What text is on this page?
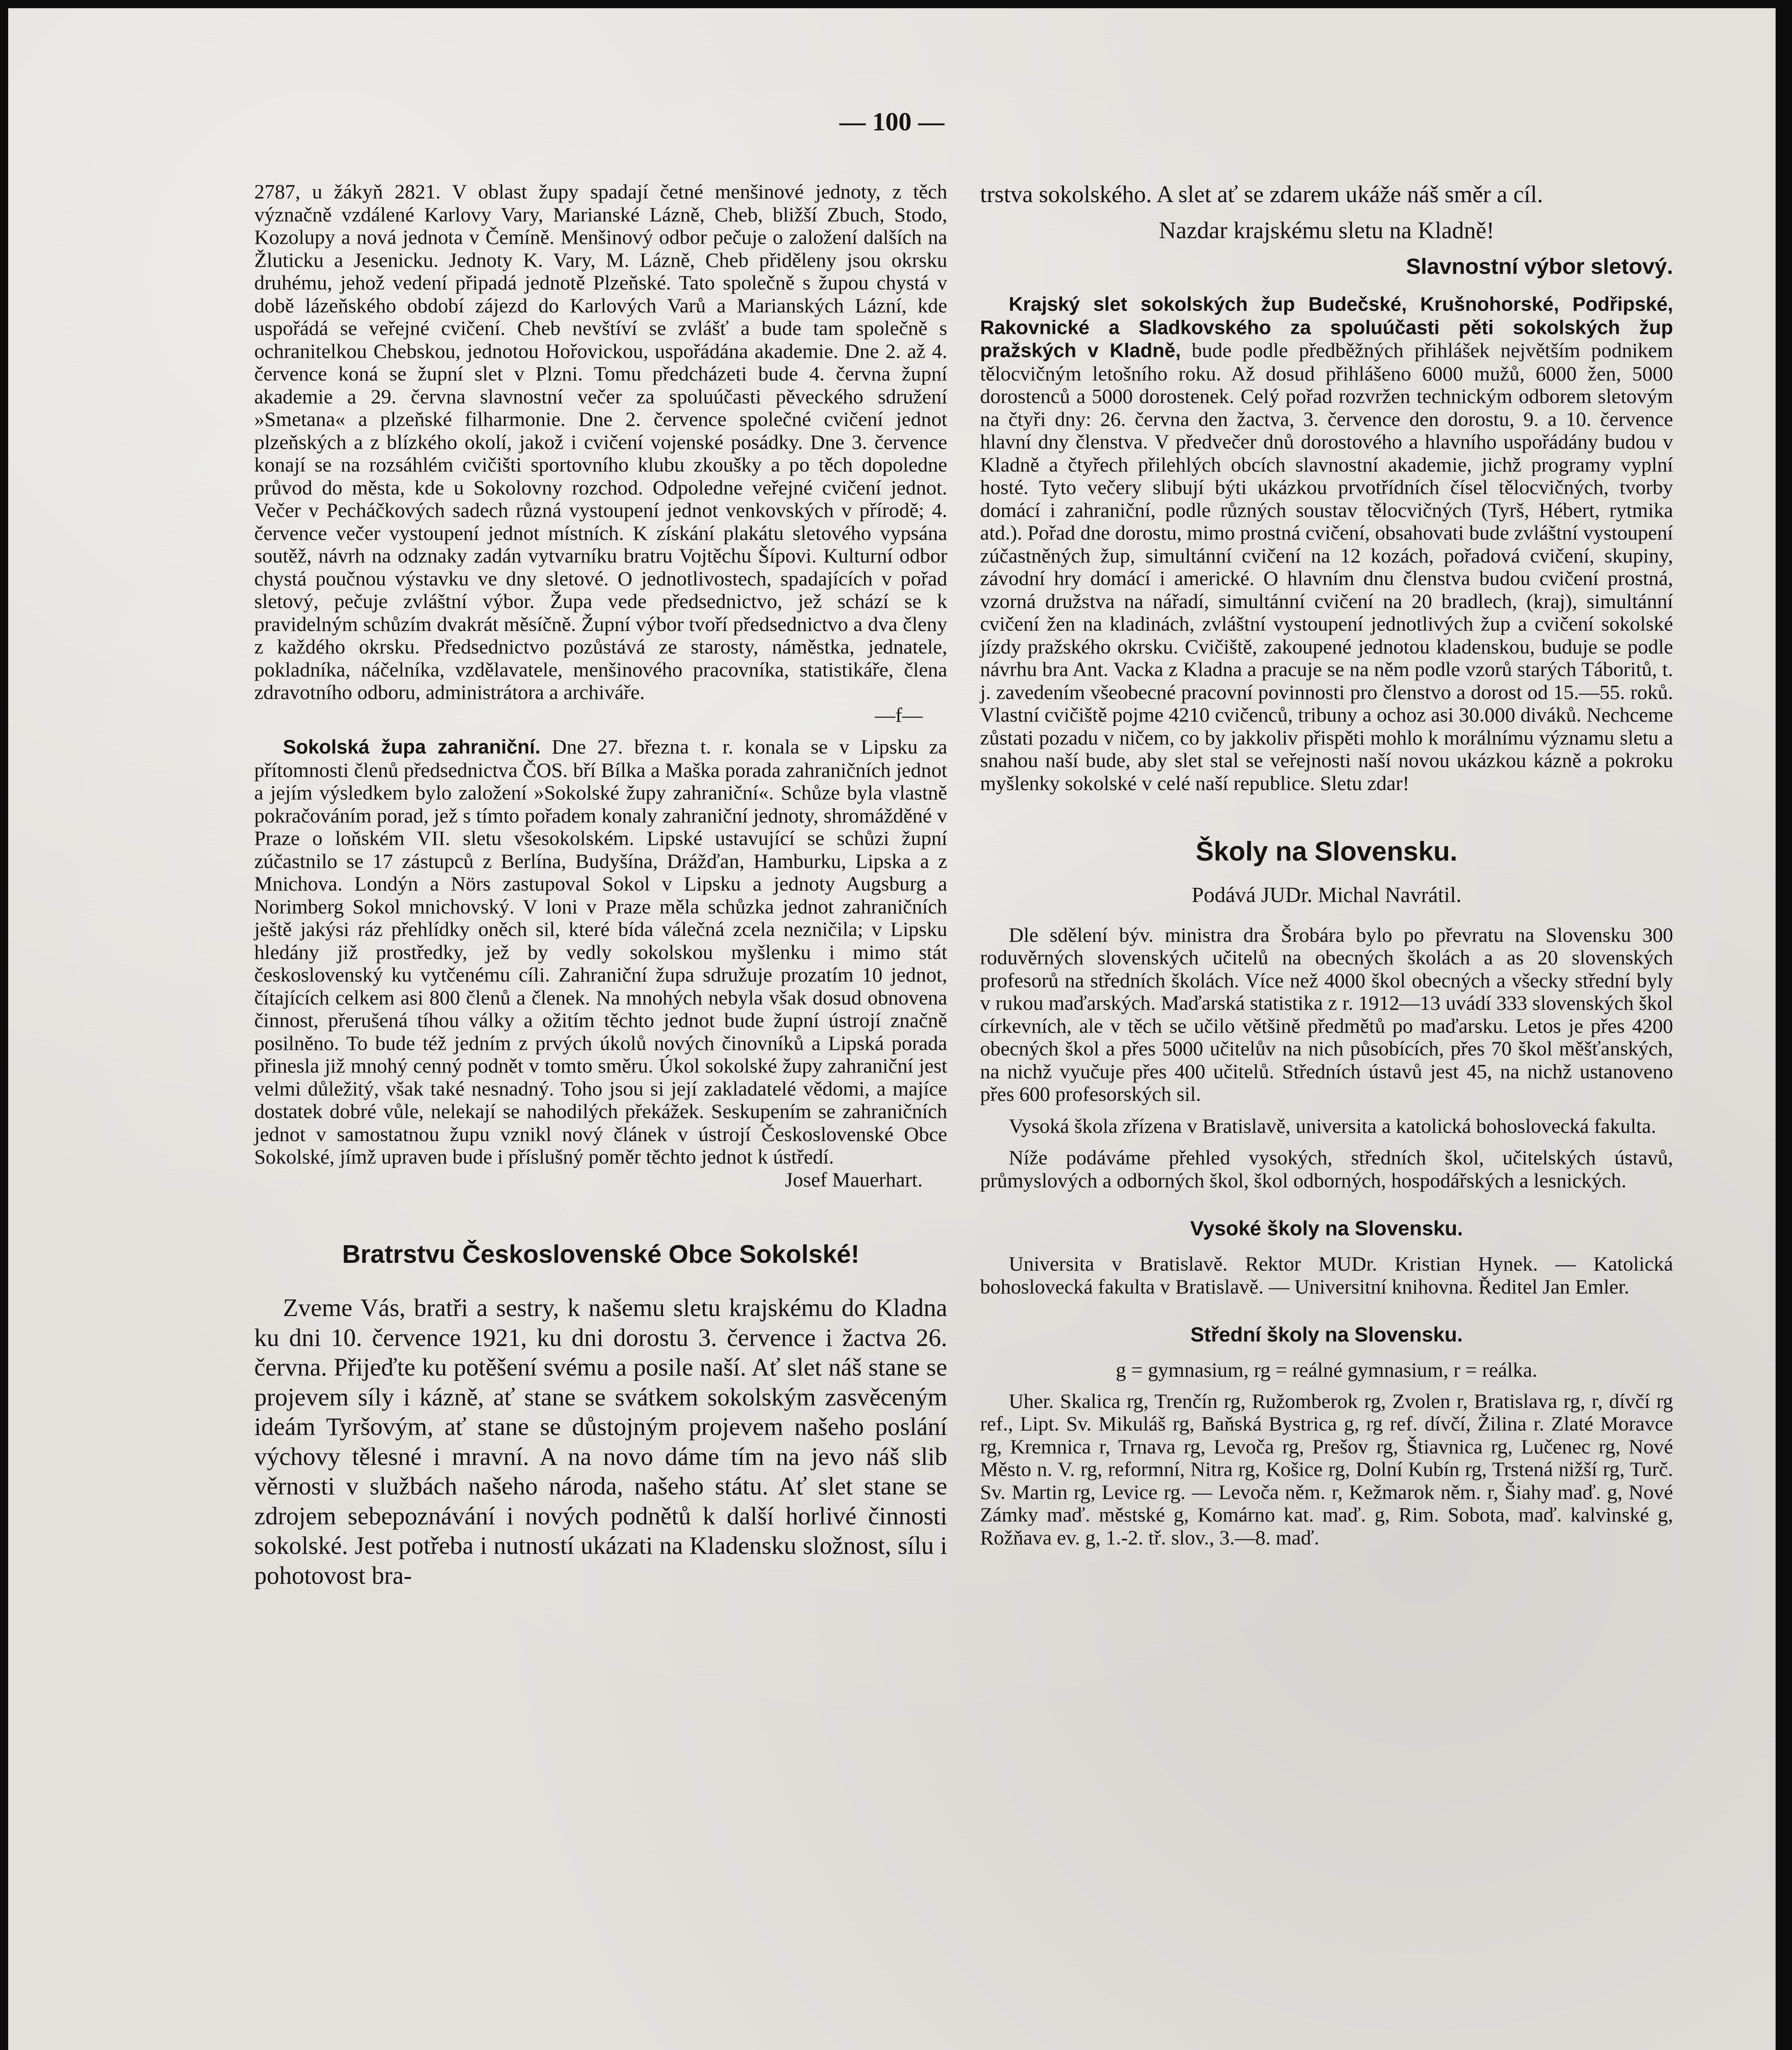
— 100 —

2787, u žákyň 2821. V oblast župy spadají četné menšinové jednoty, z těch význačně vzdálené Karlovy Vary, Marianské Lázně, Cheb, bližší Zbuch, Stodo, Kozolupy a nová jednota v Čemíně. Menšinový odbor pečuje o založení dalších na Žluticku a Jesenicku. Jednoty K. Vary, M. Lázně, Cheb přiděleny jsou okrsku druhému, jehož vedení připadá jednotě Plzeňské. Tato společně s župou chystá v době lázeňského období zájezd do Karlových Varů a Marianských Lázní, kde uspořádá se veřejné cvičení. Cheb nevštíví se zvlášť a bude tam společně s ochranitelkou Chebskou, jednotou Hořovickou, uspořádána akademie. Dne 2. až 4. července koná se župní slet v Plzni. Tomu předcházeti bude 4. června župní akademie a 29. června slavnostní večer za spoluúčasti pěveckého sdružení »Smetana« a plzeňské filharmonie. Dne 2. července společné cvičení jednot plzeňských a z blízkého okolí, jakož i cvičení vojenské posádky. Dne 3. července konají se na rozsáhlém cvičišti sportovního klubu zkoušky a po těch dopoledne průvod do města, kde u Sokolovny rozchod. Odpoledne veřejné cvičení jednot. Večer v Pecháčkových sadech různá vystoupení jednot venkovských v přírodě; 4. července večer vystoupení jednot místních. K získání plakátu sletového vypsána soutěž, návrh na odznaky zadán vytvarníku bratru Vojtěchu Šípovi. Kulturní odbor chystá poučnou výstavku ve dny sletové. O jednotlivostech, spadajících v pořad sletový, pečuje zvláštní výbor. Župa vede předsednictvo, jež schází se k pravidelným schůzím dvakrát měsíčně. Župní výbor tvoří předsednictvo a dva členy z každého okrsku. Předsednictvo pozůstává ze starosty, náměstka, jednatele, pokladníka, náčelníka, vzdělavatele, menšinového pracovníka, statistikáře, člena zdravotního odboru, administrátora a archiváře.

—f—

Sokolská župa zahraniční. Dne 27. března t. r. konala se v Lipsku za přítomnosti členů předsednictva ČOS. bří Bílka a Maška porada zahraničních jednot a jejím výsledkem bylo založení »Sokolské župy zahraniční«. Schůze byla vlastně pokračováním porad, jež s tímto pořadem konaly zahraniční jednoty, shromážděné v Praze o loňském VII. sletu všesokolském. Lipské ustavující se schůzi župní zúčastnilo se 17 zástupců z Berlína, Budyšína, Drážďan, Hamburku, Lipska a z Mnichova. Londýn a Nörs zastupoval Sokol v Lipsku a jednoty Augsburg a Norimberg Sokol mnichovský. V loni v Praze měla schůzka jednot zahraničních ještě jakýsi ráz přehlídky oněch sil, které bída válečná zcela nezničila; v Lipsku hledány již prostředky, jež by vedly sokolskou myšlenku i mimo stát československý ku vytčenému cíli. Zahraniční župa sdružuje prozatím 10 jednot, čítajících celkem asi 800 členů a členek. Na mnohých nebyla však dosud obnovena činnost, přerušená tíhou války a ožitím těchto jednot bude župní ústrojí značně posilněno. To bude též jedním z prvých úkolů nových činovníků a Lipská porada přinesla již mnohý cenný podnět v tomto směru. Úkol sokolské župy zahraniční jest velmi důležitý, však také nesnadný. Toho jsou si její zakladatelé vědomi, a majíce dostatek dobré vůle, nelekají se nahodilých překážek. Seskupením se zahraničních jednot v samostatnou župu vznikl nový článek v ústrojí Československé Obce Sokolské, jímž upraven bude i příslušný poměr těchto jednot k ústředí.

Josef Mauerhart.

Bratrstvu Československé Obce Sokolské!

Zveme Vás, bratři a sestry, k našemu sletu krajskému do Kladna ku dni 10. července 1921, ku dni dorostu 3. července i žactva 26. června. Přijeďte ku potěšení svému a posile naší. Ať slet náš stane se projevem síly i kázně, ať stane se svátkem sokolským zasvěceným ideám Tyršovým, ať stane se důstojným projevem našeho poslání výchovy tělesné i mravní. A na novo dáme tím na jevo náš slib věrnosti v službách našeho národa, našeho státu. Ať slet stane se zdrojem sebepoznávání i nových podnětů k další horlivé činnosti sokolské. Jest potřeba i nutností ukázati na Kladensku složnost, sílu i pohotovost bra-

trstva sokolského. A slet ať se zdarem ukáže náš směr a cíl.

Nazdar krajskému sletu na Kladně!

Slavnostní výbor sletový.

Krajský slet sokolských žup Budečské, Krušnohorské, Podřipské, Rakovnické a Sladkovského za spoluúčasti pěti sokolských žup pražských v Kladně, bude podle předběžných přihlášek největším podnikem tělocvičným letošního roku. Až dosud přihlášeno 6000 mužů, 6000 žen, 5000 dorostenců a 5000 dorostenek. Celý pořad rozvržen technickým odborem sletovým na čtyři dny: 26. června den žactva, 3. července den dorostu, 9. a 10. července hlavní dny členstva. V předvečer dnů dorostového a hlavního uspořádány budou v Kladně a čtyřech přilehlých obcích slavnostní akademie, jichž programy vyplní hosté. Tyto večery slibují býti ukázkou prvotřídních čísel tělocvičných, tvorby domácí i zahraniční, podle různých soustav tělocvičných (Tyrš, Hébert, rytmika atd.). Pořad dne dorostu, mimo prostná cvičení, obsahovati bude zvláštní vystoupení zúčastněných žup, simultánní cvičení na 12 kozách, pořadová cvičení, skupiny, závodní hry domácí i americké. O hlavním dnu členstva budou cvičení prostná, vzorná družstva na nářadí, simultánní cvičení na 20 bradlech, (kraj), simultánní cvičení žen na kladinách, zvláštní vystoupení jednotlivých žup a cvičení sokolské jízdy pražského okrsku. Cvičiště, zakoupené jednotou kladenskou, buduje se podle návrhu bra Ant. Vacka z Kladna a pracuje se na něm podle vzorů starých Táboritů, t. j. zavedením všeobecné pracovní povinnosti pro členstvo a dorost od 15.—55. roků. Vlastní cvičiště pojme 4210 cvičenců, tribuny a ochoz asi 30.000 diváků. Nechceme zůstati pozadu v ničem, co by jakkoliv přispěti mohlo k morálnímu významu sletu a snahou naší bude, aby slet stal se veřejnosti naší novou ukázkou kázně a pokroku myšlenky sokolské v celé naší republice. Sletu zdar!

Školy na Slovensku.

Podává JUDr. Michal Navrátil.

Dle sdělení býv. ministra dra Šrobára bylo po převratu na Slovensku 300 roduvěrných slovenských učitelů na obecných školách a as 20 slovenských profesorů na středních školách. Více než 4000 škol obecných a všecky střední byly v rukou maďarských. Maďarská statistika z r. 1912—13 uvádí 333 slovenských škol církevních, ale v těch se učilo většině předmětů po maďarsku. Letos je přes 4200 obecných škol a přes 5000 učitelův na nich působících, přes 70 škol měšťanských, na nichž vyučuje přes 400 učitelů. Středních ústavů jest 45, na nichž ustanoveno přes 600 profesorských sil.

Vysoká škola zřízena v Bratislavě, universita a katolická bohoslovecká fakulta.

Níže podáváme přehled vysokých, středních škol, učitelských ústavů, průmyslových a odborných škol, škol odborných, hospodářských a lesnických.

Vysoké školy na Slovensku.

Universita v Bratislavě. Rektor MUDr. Kristian Hynek. — Katolická bohoslovecká fakulta v Bratislavě. — Universitní knihovna. Ředitel Jan Emler.

Střední školy na Slovensku.

g = gymnasium, rg = reálné gymnasium, r = reálka.

Uher. Skalica rg, Trenčín rg, Ružomberok rg, Zvolen r, Bratislava rg, r, dívčí rg ref., Lipt. Sv. Mikuláš rg, Baňská Bystrica g, rg ref. dívčí, Žilina r. Zlaté Moravce rg, Kremnica r, Trnava rg, Levoča rg, Prešov rg, Štiavnica rg, Lučenec rg, Nové Město n. V. rg, reformní, Nitra rg, Košice rg, Dolní Kubín rg, Trstená nižší rg, Turč. Sv. Martin rg, Levice rg. — Levoča něm. r, Kežmarok něm. r, Šiahy maď. g, Nové Zámky maď. městské g, Komárno kat. maď. g, Rim. Sobota, maď. kalvinské g, Rožňava ev. g, 1.-2. tř. slov., 3.—8. maď.
